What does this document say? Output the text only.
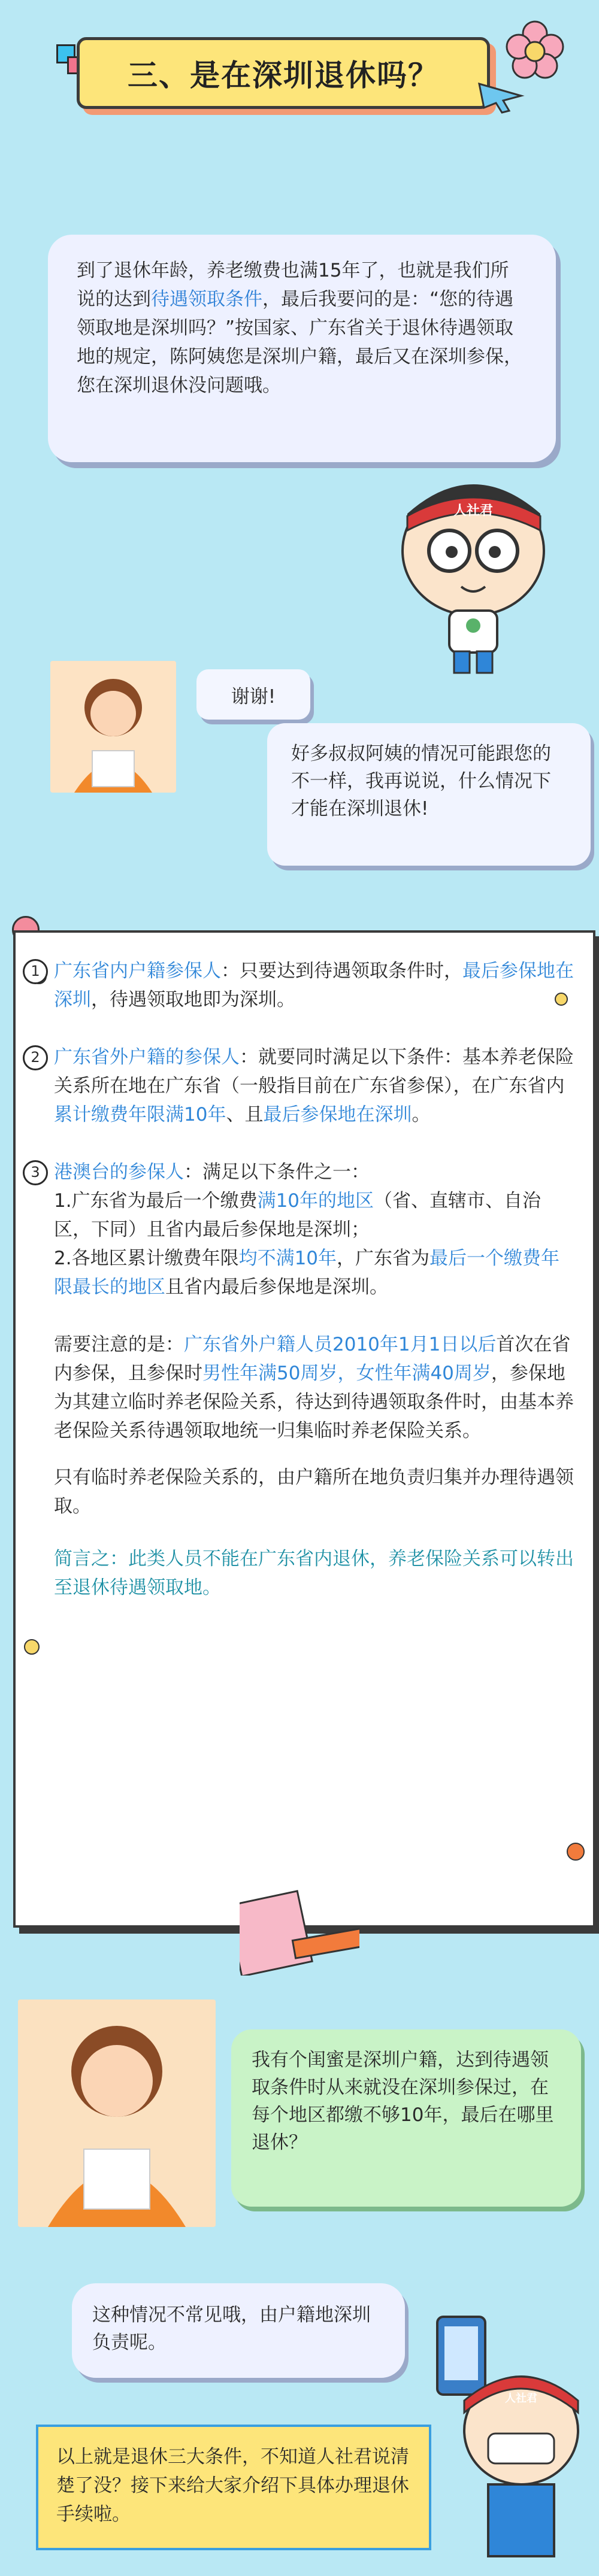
三、是在深圳退休吗？
到了退休年龄，养老缴费也满15年了，也就是我们所说的达到待遇领取条件，最后我要问的是：“您的待遇领取地是深圳吗？”按国家、广东省关于退休待遇领取地的规定，陈阿姨您是深圳户籍，最后又在深圳参保，您在深圳退休没问题哦。
人社君
谢谢!
好多叔叔阿姨的情况可能跟您的不一样，我再说说，什么情况下才能在深圳退休!
1 广东省内户籍参保人：只要达到待遇领取条件时，最后参保地在深圳，待遇领取地即为深圳。
2 广东省外户籍的参保人：就要同时满足以下条件：基本养老保险关系所在地在广东省（一般指目前在广东省参保），在广东省内累计缴费年限满10年、且最后参保地在深圳。
3 港澳台的参保人：满足以下条件之一：
1.广东省为最后一个缴费满10年的地区（省、直辖市、自治区，下同）且省内最后参保地是深圳；
2.各地区累计缴费年限均不满10年，广东省为最后一个缴费年限最长的地区且省内最后参保地是深圳。
需要注意的是：广东省外户籍人员2010年1月1日以后首次在省内参保，且参保时男性年满50周岁，女性年满40周岁，参保地为其建立临时养老保险关系，待达到待遇领取条件时，由基本养老保险关系待遇领取地统一归集临时养老保险关系。
只有临时养老保险关系的，由户籍所在地负责归集并办理待遇领取。
简言之：此类人员不能在广东省内退休，养老保险关系可以转出至退休待遇领取地。
我有个闺蜜是深圳户籍，达到待遇领取条件时从来就没在深圳参保过，在每个地区都缴不够10年，最后在哪里退休？
这种情况不常见哦，由户籍地深圳负责呢。
人社君
以上就是退休三大条件，不知道人社君说清楚了没？接下来给大家介绍下具体办理退休手续啦。
